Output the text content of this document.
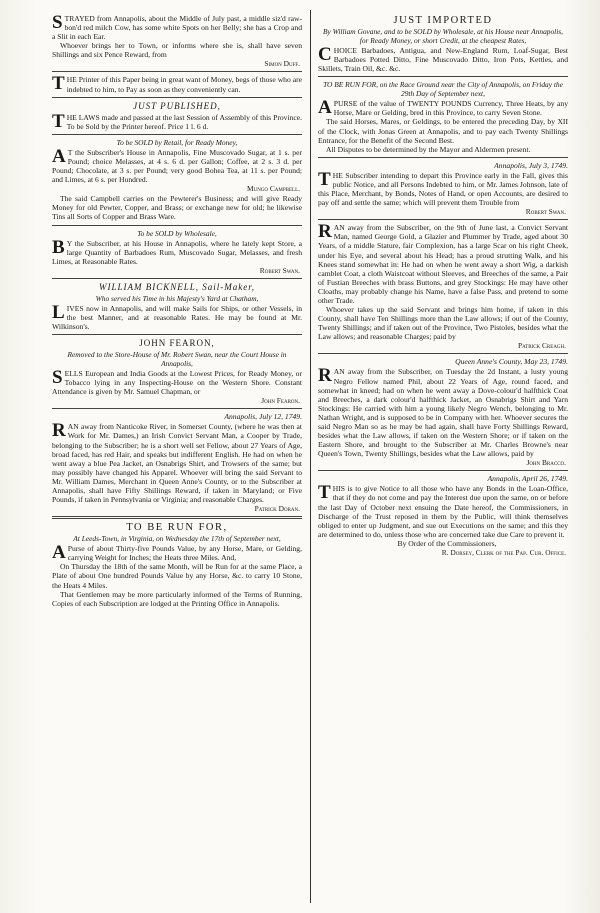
STRAYED from Annapolis, about the Middle of July past, a middle siz'd raw-bon'd red milch Cow, has some white Spots on her Belly; she has a Crop and a Slit in each Ear.

Whoever brings her to Town, or informs where she is, shall have seven Shillings and six Pence Reward, from

Simon Duff.

THE Printer of this Paper being in great want of Money, begs of those who are indebted to him, to Pay as soon as they conveniently can.

JUST PUBLISHED,

THE LAWS made and passed at the last Session of Assembly of this Province. To be Sold by the Printer hereof. Price 1 l. 6 d.

To be SOLD by Retail, for Ready Money,

A T the Subscriber's House in Annapolis, Fine Muscovado Sugar, at 1 s. per Pound; choice Melasses, at 4 s. 6 d. per Gallon; Coffee, at 2 s. 3 d. per Pound; Chocolate, at 3 s. per Pound; very good Bohea Tea, at 11 s. per Pound; and Limes, at 6 s. per Hundred.

Mungo Campbell.

The said Campbell carries on the Pewterer's Business; and will give Ready Money for old Pewter, Copper, and Brass; or exchange new for old; he likewise Tins all Sorts of Copper and Brass Ware.

To be SOLD by Wholesale,

B Y the Subscriber, at his House in Annapolis, where he lately kept Store, a large Quantity of Barbadoes Rum, Muscovado Sugar, Melasses, and fresh Limes, at Reasonable Rates.

Robert Swan.
WILLIAM BICKNELL, Sail-Maker,
Who served his Time in his Majesty's Yard at Chatham,

LIVES now in Annapolis, and will make Sails for Ships, or other Vessels, in the best Manner, and at reasonable Rates. He may be found at Mr. Wilkinson's.

JOHN FEARON,
Removed to the Store-House of Mr. Robert Swan, near the Court House in Annapolis,

SELLS European and India Goods at the Lowest Prices, for Ready Money, or Tobacco lying in any Inspecting-House on the Western Shore. Constant Attendance is given by Mr. Samuel Chapman, or

John Fearon.
Annapolis, July 12, 1749.

RAN away from Nanticoke River, in Somerset County, (where he was then at Work for Mr. Dames,) an Irish Convict Servant Man, a Cooper by Trade, belonging to the Subscriber; he is a short well set Fellow, about 27 Years of Age, broad faced, has red Hair, and speaks but indifferent English. He had on when he went away a blue Pea Jacket, an Osnabrigs Shirt, and Trowsers of the same; but may possibly have changed his Apparel. Whoever will bring the said Servant to Mr. William Dames, Merchant in Queen Anne's County, or to the Subscriber at Annapolis, shall have Fifty Shillings Reward, if taken in Maryland; or Five Pounds, if taken in Pennsylvania or Virginia; and reasonable Charges.

Patrick Doran.
TO BE RUN FOR,
At Leeds-Town, in Virginia, on Wednesday the 17th of September next,

A Purse of about Thirty-five Pounds Value, by any Horse, Mare, or Gelding, carrying Weight for Inches; the Heats three Miles. And,

On Thursday the 18th of the same Month, will be Run for at the same Place, a Plate of about One hundred Pounds Value by any Horse, &c. to carry 10 Stone, the Heats 4 Miles.

That Gentlemen may be more particularly informed of the Terms of Running, Copies of each Subscription are lodged at the Printing Office in Annapolis.

JUST IMPORTED
By William Govane, and to be SOLD by Wholesale, at his House near Annapolis, for Ready Money, or short Credit, at the cheapest Rates,

CHOICE Barbadoes, Antigua, and New-England Rum, Loaf-Sugar, Best Barbadoes Potted Ditto, Fine Muscovado Ditto, Iron Pots, Kettles, and Skillets, Train Oil, &c. &c.

TO BE RUN FOR, on the Race Ground near the City of Annapolis, on Friday the 29th Day of September next,

APURSE of the value of TWENTY POUNDS Currency, Three Heats, by any Horse, Mare or Gelding, bred in this Province, to carry Seven Stone.

The said Horses, Mares, or Geldings, to be entered the preceding Day, by XII of the Clock, with Jonas Green at Annapolis, and to pay each Twenty Shillings Entrance, for the Benefit of the Second Best.

All Disputes to be determined by the Mayor and Aldermen present.

Annapolis, July 3, 1749.

THE Subscriber intending to depart this Province early in the Fall, gives this public Notice, and all Persons Indebted to him, or Mr. James Johnson, late of this Place, Merchant, by Bonds, Notes of Hand, or open Accounts, are desired to pay off and settle the same; which will prevent them Trouble from

Robert Swan.

RAN away from the Subscriber, on the 9th of June last, a Convict Servant Man, named George Gold, a Glazier and Plummer by Trade, aged about 30 Years, of a middle Stature, fair Complexion, has a large Scar on his right Cheek, under his Eye, and several about his Head; has a proud strutting Walk, and his Knees stand somewhat in: He had on when he went away a short Wig, a darkish camblet Coat, a cloth Waistcoat without Sleeves, and Breeches of the same, a Pair of Fustian Breeches with brass Buttons, and grey Stockings: He may have other Cloaths, may probably change his Name, have a false Pass, and pretend to some other Trade.

Whoever takes up the said Servant and brings him home, if taken in this County, shall have Ten Shillings more than the Law allows; if out of the County, Twenty Shillings; and if taken out of the Province, Two Pistoles, besides what the Law allows; and reasonable Charges; paid by

Patrick Creagh.
Queen Anne's County, May 23, 1749.

RAN away from the Subscriber, on Tuesday the 2d Instant, a lusty young Negro Fellow named Phil, about 22 Years of Age, round faced, and somewhat in kneed; had on when he went away a Dove-colour'd halfthick Coat and Breeches, a dark colour'd halfthick Jacket, an Osnabrigs Shirt and Yarn Stockings: He carried with him a young likely Negro Wench, belonging to Mr. Nathan Wright, and is supposed to be in Company with her. Whoever secures the said Negro Man so as he may be had again, shall have Forty Shillings Reward, besides what the Law allows, if taken on the Western Shore; or if taken on the Eastern Shore, and brought to the Subscriber at Mr. Charles Browne's near Queen's Town, Twenty Shillings, besides what the Law allows, paid by

John Bracco.
Annapolis, April 26, 1749.

THIS is to give Notice to all those who have any Bonds in the Loan-Office, that if they do not come and pay the Interest due upon the same, on or before the last Day of October next ensuing the Date hereof, the Commissioners, in Discharge of the Trust reposed in them by the Public, will think themselves obliged to enter up Judgment, and sue out Executions on the same; and this they are determined to do, unless those who are concerned take due Care to prevent it.

By Order of the Commissioners,

R. Dorsey, Clerk of the Pap. Cur. Office.
